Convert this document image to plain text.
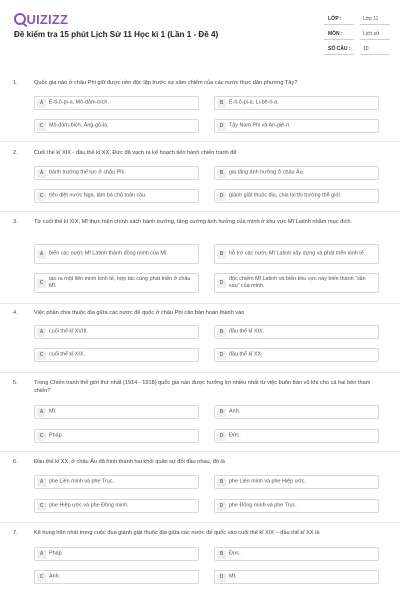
UIZIZZ
Đề kiểm tra 15 phút Lịch Sử 11 Học kì 1 (Lần 1 - Đề 4)
LỚP :	Lớp 11
MÔN :	Lịch sử
SỐ CÂU :	10
1.	Quốc gia nào ở châu Phi giữ được nền độc lập trước sự xâm chiếm của các nước thực dân phương Tây?
A	Ê-ti-ô-pi-a, Mô-dăm-bích.	B	Ê-ti-ô-pi-a, Li-bê-ri-a.
C	Mô-dăm-bích, Ăng-gô-la.	D	Tây Nam Phi và An-giê-ri.
2.	Cuối thế kỉ XIX - đầu thế kỉ XX, Đức đã vạch ra kế hoạch tiến hành chiến tranh để
A	bành trướng thế lực ở châu Phi.	B	gia tăng ảnh hưởng ở châu Âu.
C	tiêu diệt nước Nga, làm bá chủ toàn cầu.	D	giành giật thuộc địa, chia lại thị trường thế giới.
3.	Từ cuối thế kỉ XIX, Mĩ thực hiện chính sách bành trướng, tăng cường ảnh hưởng của mình ở khu vực Mĩ Latinh nhằm mục đích
A	biến các nước Mĩ Latinh thành đồng minh của Mĩ.	B	hỗ trợ các nước Mĩ Latinh xây dựng và phát triển kinh tế.
C
tạo ra một liên minh kinh tế, hợp tác cùng phát triển ở châu Mĩ.
D
độc chiếm Mĩ Latinh và biến khu vực này biến thành “sân sau” của mình.
4.	Việc phân chia thuộc địa giữa các nước đế quốc ở châu Phi căn bản hoàn thành vào
A	cuối thế kỉ XVIII.	B	đầu thế kỉ XIX.
C	cuối thế kỉ XIX.	D	đầu thế kỉ XX.
5.	Trong Chiến tranh thế giới thứ nhất (1914 - 1918) quốc gia nào được hưởng lợi nhiều nhất từ việc buôn bán vũ khí cho cả hai bên tham chiến?
A	Mĩ.	B	Anh.
C	Pháp.	D	Đức.
6.	Đầu thế kỉ XX, ở châu Âu đã hình thành hai khối quân sự đối đầu nhau, đó là
A	phe Liên minh và phe Trục.	B	phe Liên minh và phe Hiệp ước.
C	phe Hiệp ước và phe Đồng minh.	D	phe Đồng minh và phe Trục.
7.	Kẻ hung hãn nhất trong cuộc đua giành giật thuộc địa giữa các nước đế quốc vào cuối thế kỉ XIX – đầu thế kỉ XX là
A	Pháp.	B	Đức.
C	Anh.	D	Mĩ.
